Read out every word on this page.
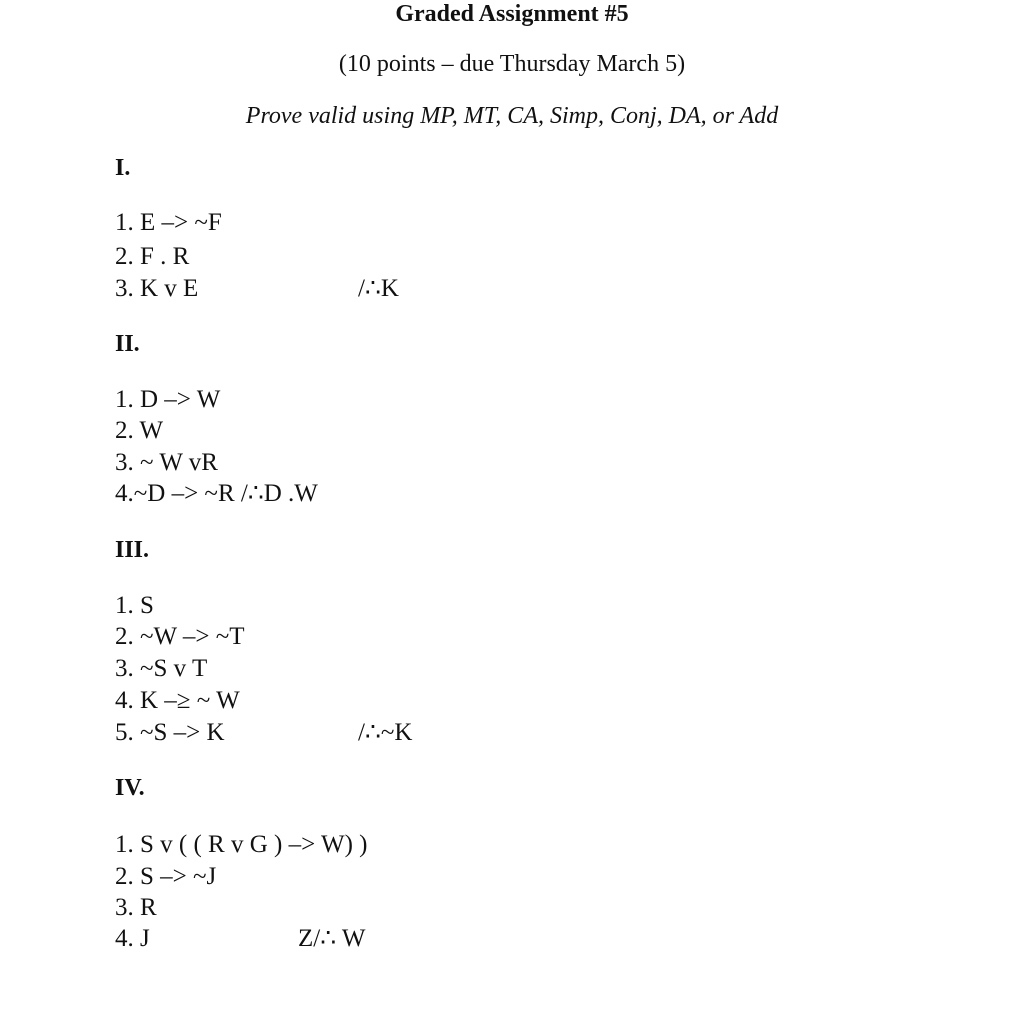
Graded Assignment #5
(10 points – due Thursday March 5)
Prove valid using MP, MT, CA, Simp, Conj, DA, or Add
I.
1. E –> ~F
2. F . R
3. K v E	/∴K
II.
1. D –> W
2. W
3. ~ W vR
4.~D –> ~R /∴D .W
III.
1. S
2. ~W –> ~T
3. ~S v T
4. K –≥ ~ W
5. ~S –> K	/∴~K
IV.
1. S v ( ( R v G ) –> W) )
2. S –> ~J
3. R
4. J	Z/∴ W
